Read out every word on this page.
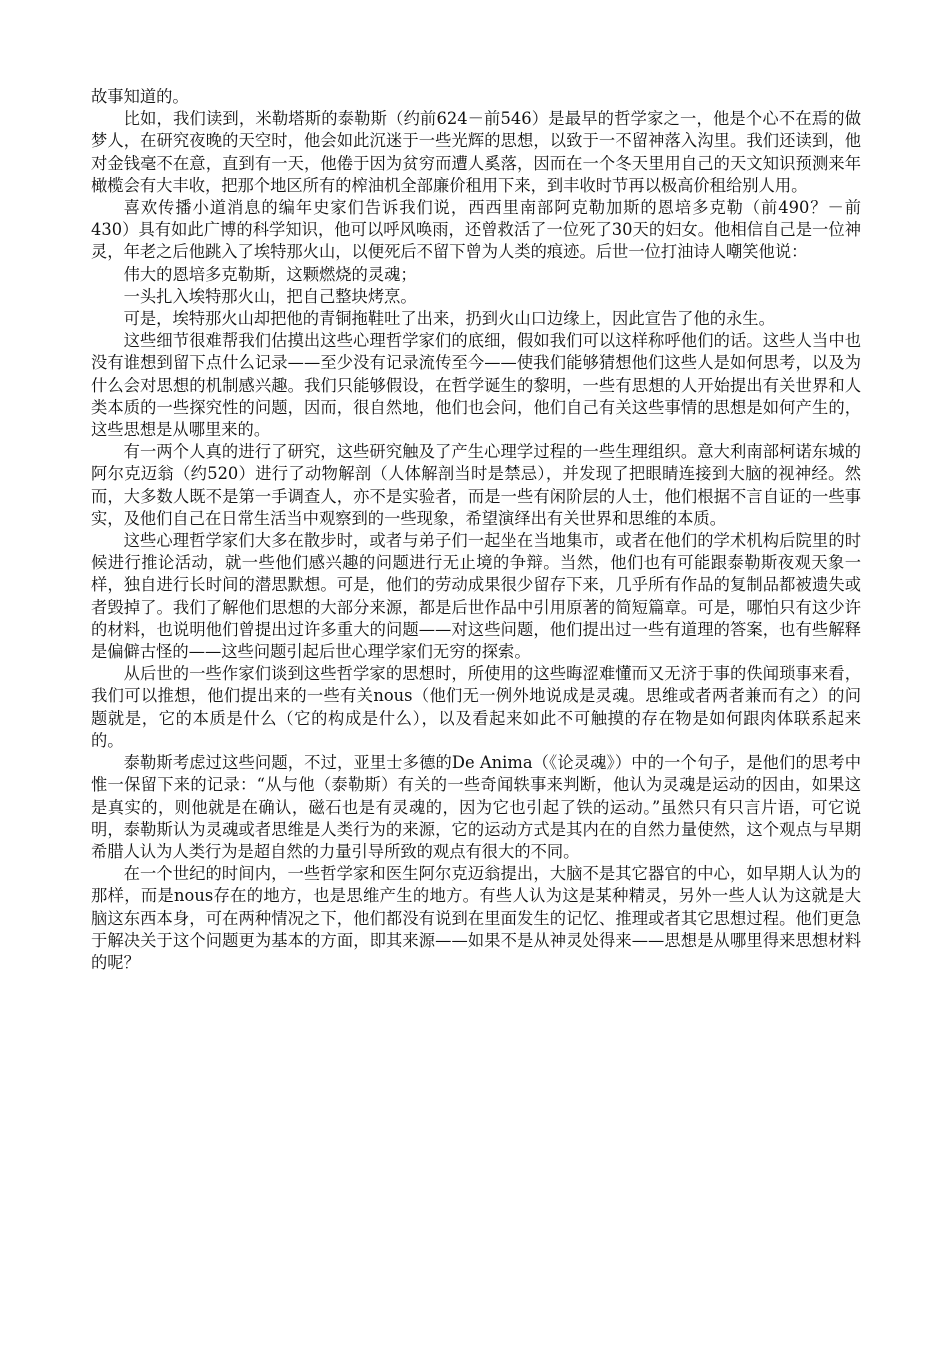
故事知道的。

比如，我们读到，米勒塔斯的泰勒斯（约前624－前546）是最早的哲学家之一，他是个心不在焉的做梦人，在研究夜晚的天空时，他会如此沉迷于一些光辉的思想，以致于一不留神落入沟里。我们还读到，他对金钱毫不在意，直到有一天，他倦于因为贫穷而遭人奚落，因而在一个冬天里用自己的天文知识预测来年橄榄会有大丰收，把那个地区所有的榨油机全部廉价租用下来，到丰收时节再以极高价租给别人用。

喜欢传播小道消息的编年史家们告诉我们说，西西里南部阿克勒加斯的恩培多克勒（前490？－前430）具有如此广博的科学知识，他可以呼风唤雨，还曾救活了一位死了30天的妇女。他相信自己是一位神灵，年老之后他跳入了埃特那火山，以便死后不留下曾为人类的痕迹。后世一位打油诗人嘲笑他说：

伟大的恩培多克勒斯，这颗燃烧的灵魂；

一头扎入埃特那火山，把自己整块烤烹。

可是，埃特那火山却把他的青铜拖鞋吐了出来，扔到火山口边缘上，因此宣告了他的永生。

这些细节很难帮我们估摸出这些心理哲学家们的底细，假如我们可以这样称呼他们的话。这些人当中也没有谁想到留下点什么记录——至少没有记录流传至今——使我们能够猜想他们这些人是如何思考，以及为什么会对思想的机制感兴趣。我们只能够假设，在哲学诞生的黎明，一些有思想的人开始提出有关世界和人类本质的一些探究性的问题，因而，很自然地，他们也会问，他们自己有关这些事情的思想是如何产生的，这些思想是从哪里来的。

有一两个人真的进行了研究，这些研究触及了产生心理学过程的一些生理组织。意大利南部柯诺东城的阿尔克迈翁（约520）进行了动物解剖（人体解剖当时是禁忌），并发现了把眼睛连接到大脑的视神经。然而，大多数人既不是第一手调查人，亦不是实验者，而是一些有闲阶层的人士，他们根据不言自证的一些事实，及他们自己在日常生活当中观察到的一些现象，希望演绎出有关世界和思维的本质。

这些心理哲学家们大多在散步时，或者与弟子们一起坐在当地集市，或者在他们的学术机构后院里的时候进行推论活动，就一些他们感兴趣的问题进行无止境的争辩。当然，他们也有可能跟泰勒斯夜观天象一样，独自进行长时间的潜思默想。可是，他们的劳动成果很少留存下来，几乎所有作品的复制品都被遗失或者毁掉了。我们了解他们思想的大部分来源，都是后世作品中引用原著的简短篇章。可是，哪怕只有这少许的材料，也说明他们曾提出过许多重大的问题——对这些问题，他们提出过一些有道理的答案，也有些解释是偏僻古怪的——这些问题引起后世心理学家们无穷的探索。

从后世的一些作家们谈到这些哲学家的思想时，所使用的这些晦涩难懂而又无济于事的佚闻琐事来看，我们可以推想，他们提出来的一些有关nous（他们无一例外地说成是灵魂。思维或者两者兼而有之）的问题就是，它的本质是什么（它的构成是什么），以及看起来如此不可触摸的存在物是如何跟肉体联系起来的。

泰勒斯考虑过这些问题，不过，亚里士多德的De Anima（《论灵魂》）中的一个句子，是他们的思考中惟一保留下来的记录：“从与他（泰勒斯）有关的一些奇闻轶事来判断，他认为灵魂是运动的因由，如果这是真实的，则他就是在确认，磁石也是有灵魂的，因为它也引起了铁的运动。”虽然只有只言片语，可它说明，泰勒斯认为灵魂或者思维是人类行为的来源，它的运动方式是其内在的自然力量使然，这个观点与早期希腊人认为人类行为是超自然的力量引导所致的观点有很大的不同。

在一个世纪的时间内，一些哲学家和医生阿尔克迈翁提出，大脑不是其它器官的中心，如早期人认为的那样，而是nous存在的地方，也是思维产生的地方。有些人认为这是某种精灵，另外一些人认为这就是大脑这东西本身，可在两种情况之下，他们都没有说到在里面发生的记忆、推理或者其它思想过程。他们更急于解决关于这个问题更为基本的方面，即其来源——如果不是从神灵处得来——思想是从哪里得来思想材料的呢？
